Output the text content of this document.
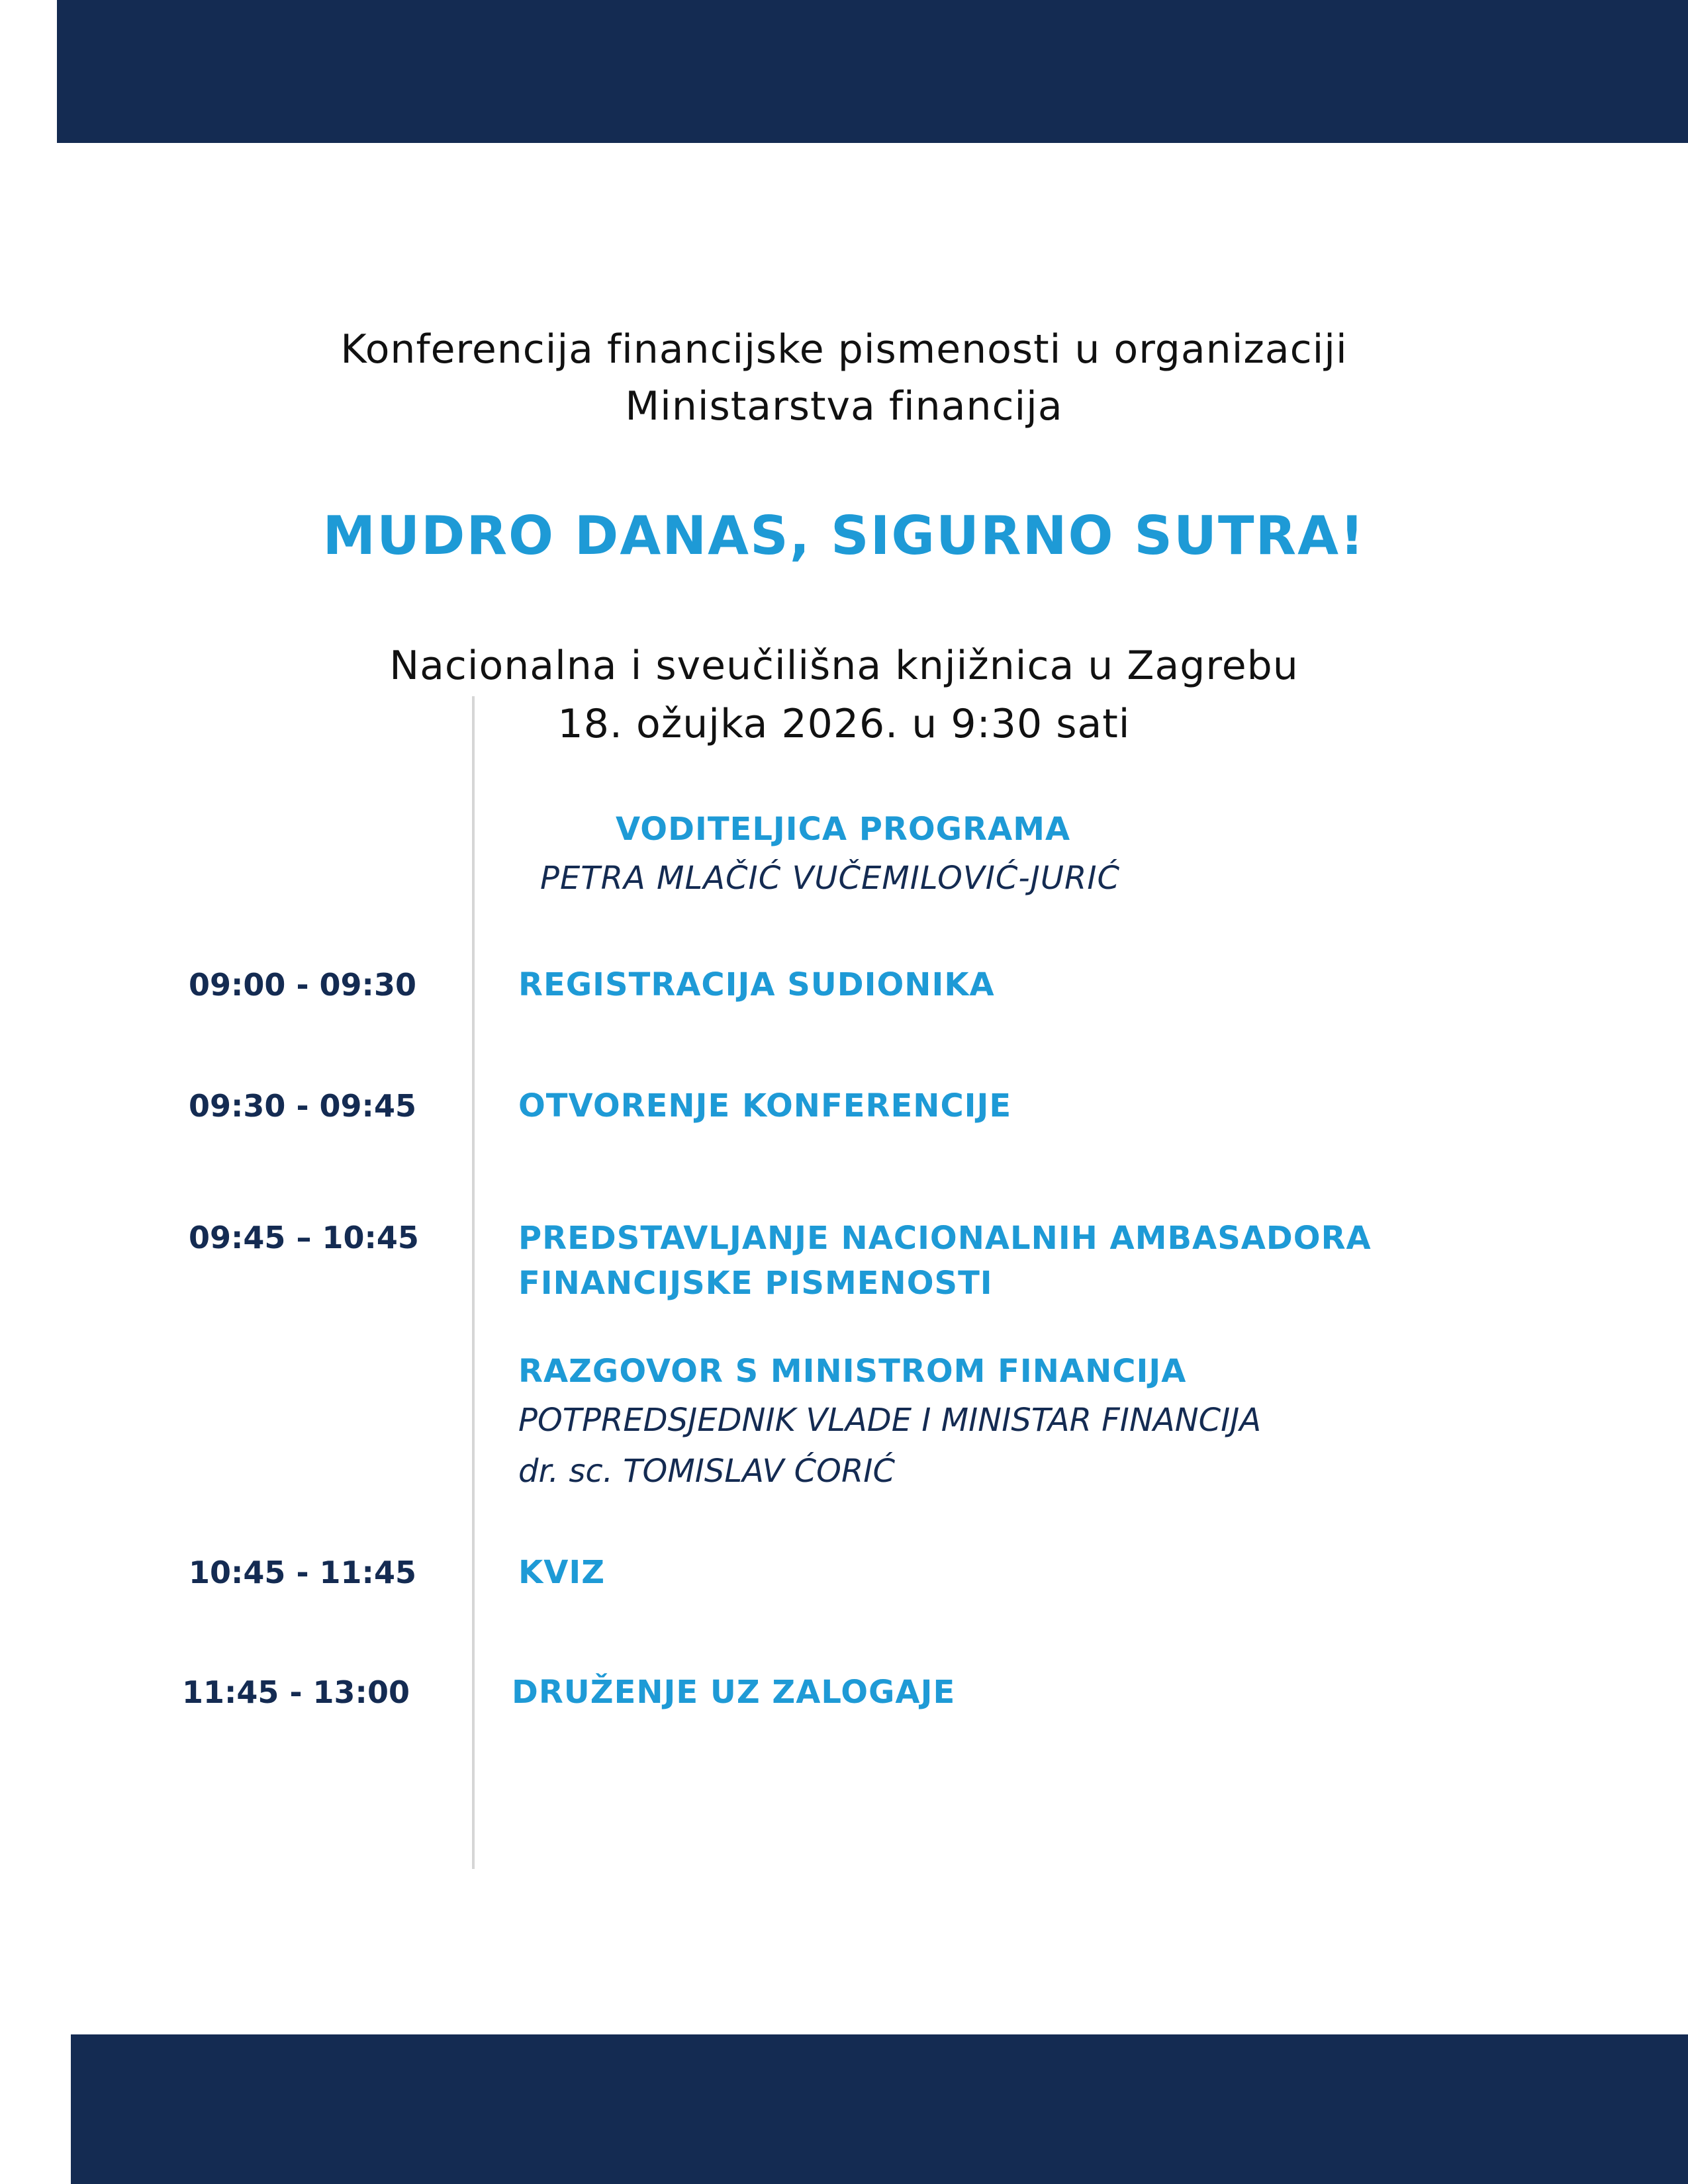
Konferencija financijske pismenosti u organizaciji
Ministarstva financija
MUDRO DANAS, SIGURNO SUTRA!
Nacionalna i sveučilišna knjižnica u Zagrebu
18. ožujka 2026. u 9:30 sati
VODITELJICA PROGRAMA
PETRA MLAČIĆ VUČEMILOVIĆ-JURIĆ
09:00 - 09:30	REGISTRACIJA SUDIONIKA
09:30 - 09:45	OTVORENJE KONFERENCIJE
09:45 – 10:45	PREDSTAVLJANJE NACIONALNIH AMBASADORA
FINANCIJSKE PISMENOSTI
RAZGOVOR S MINISTROM FINANCIJA
POTPREDSJEDNIK VLADE I MINISTAR FINANCIJA
dr. sc. TOMISLAV ĆORIĆ
10:45 - 11:45	KVIZ
11:45 - 13:00	DRUŽENJE UZ ZALOGAJE
